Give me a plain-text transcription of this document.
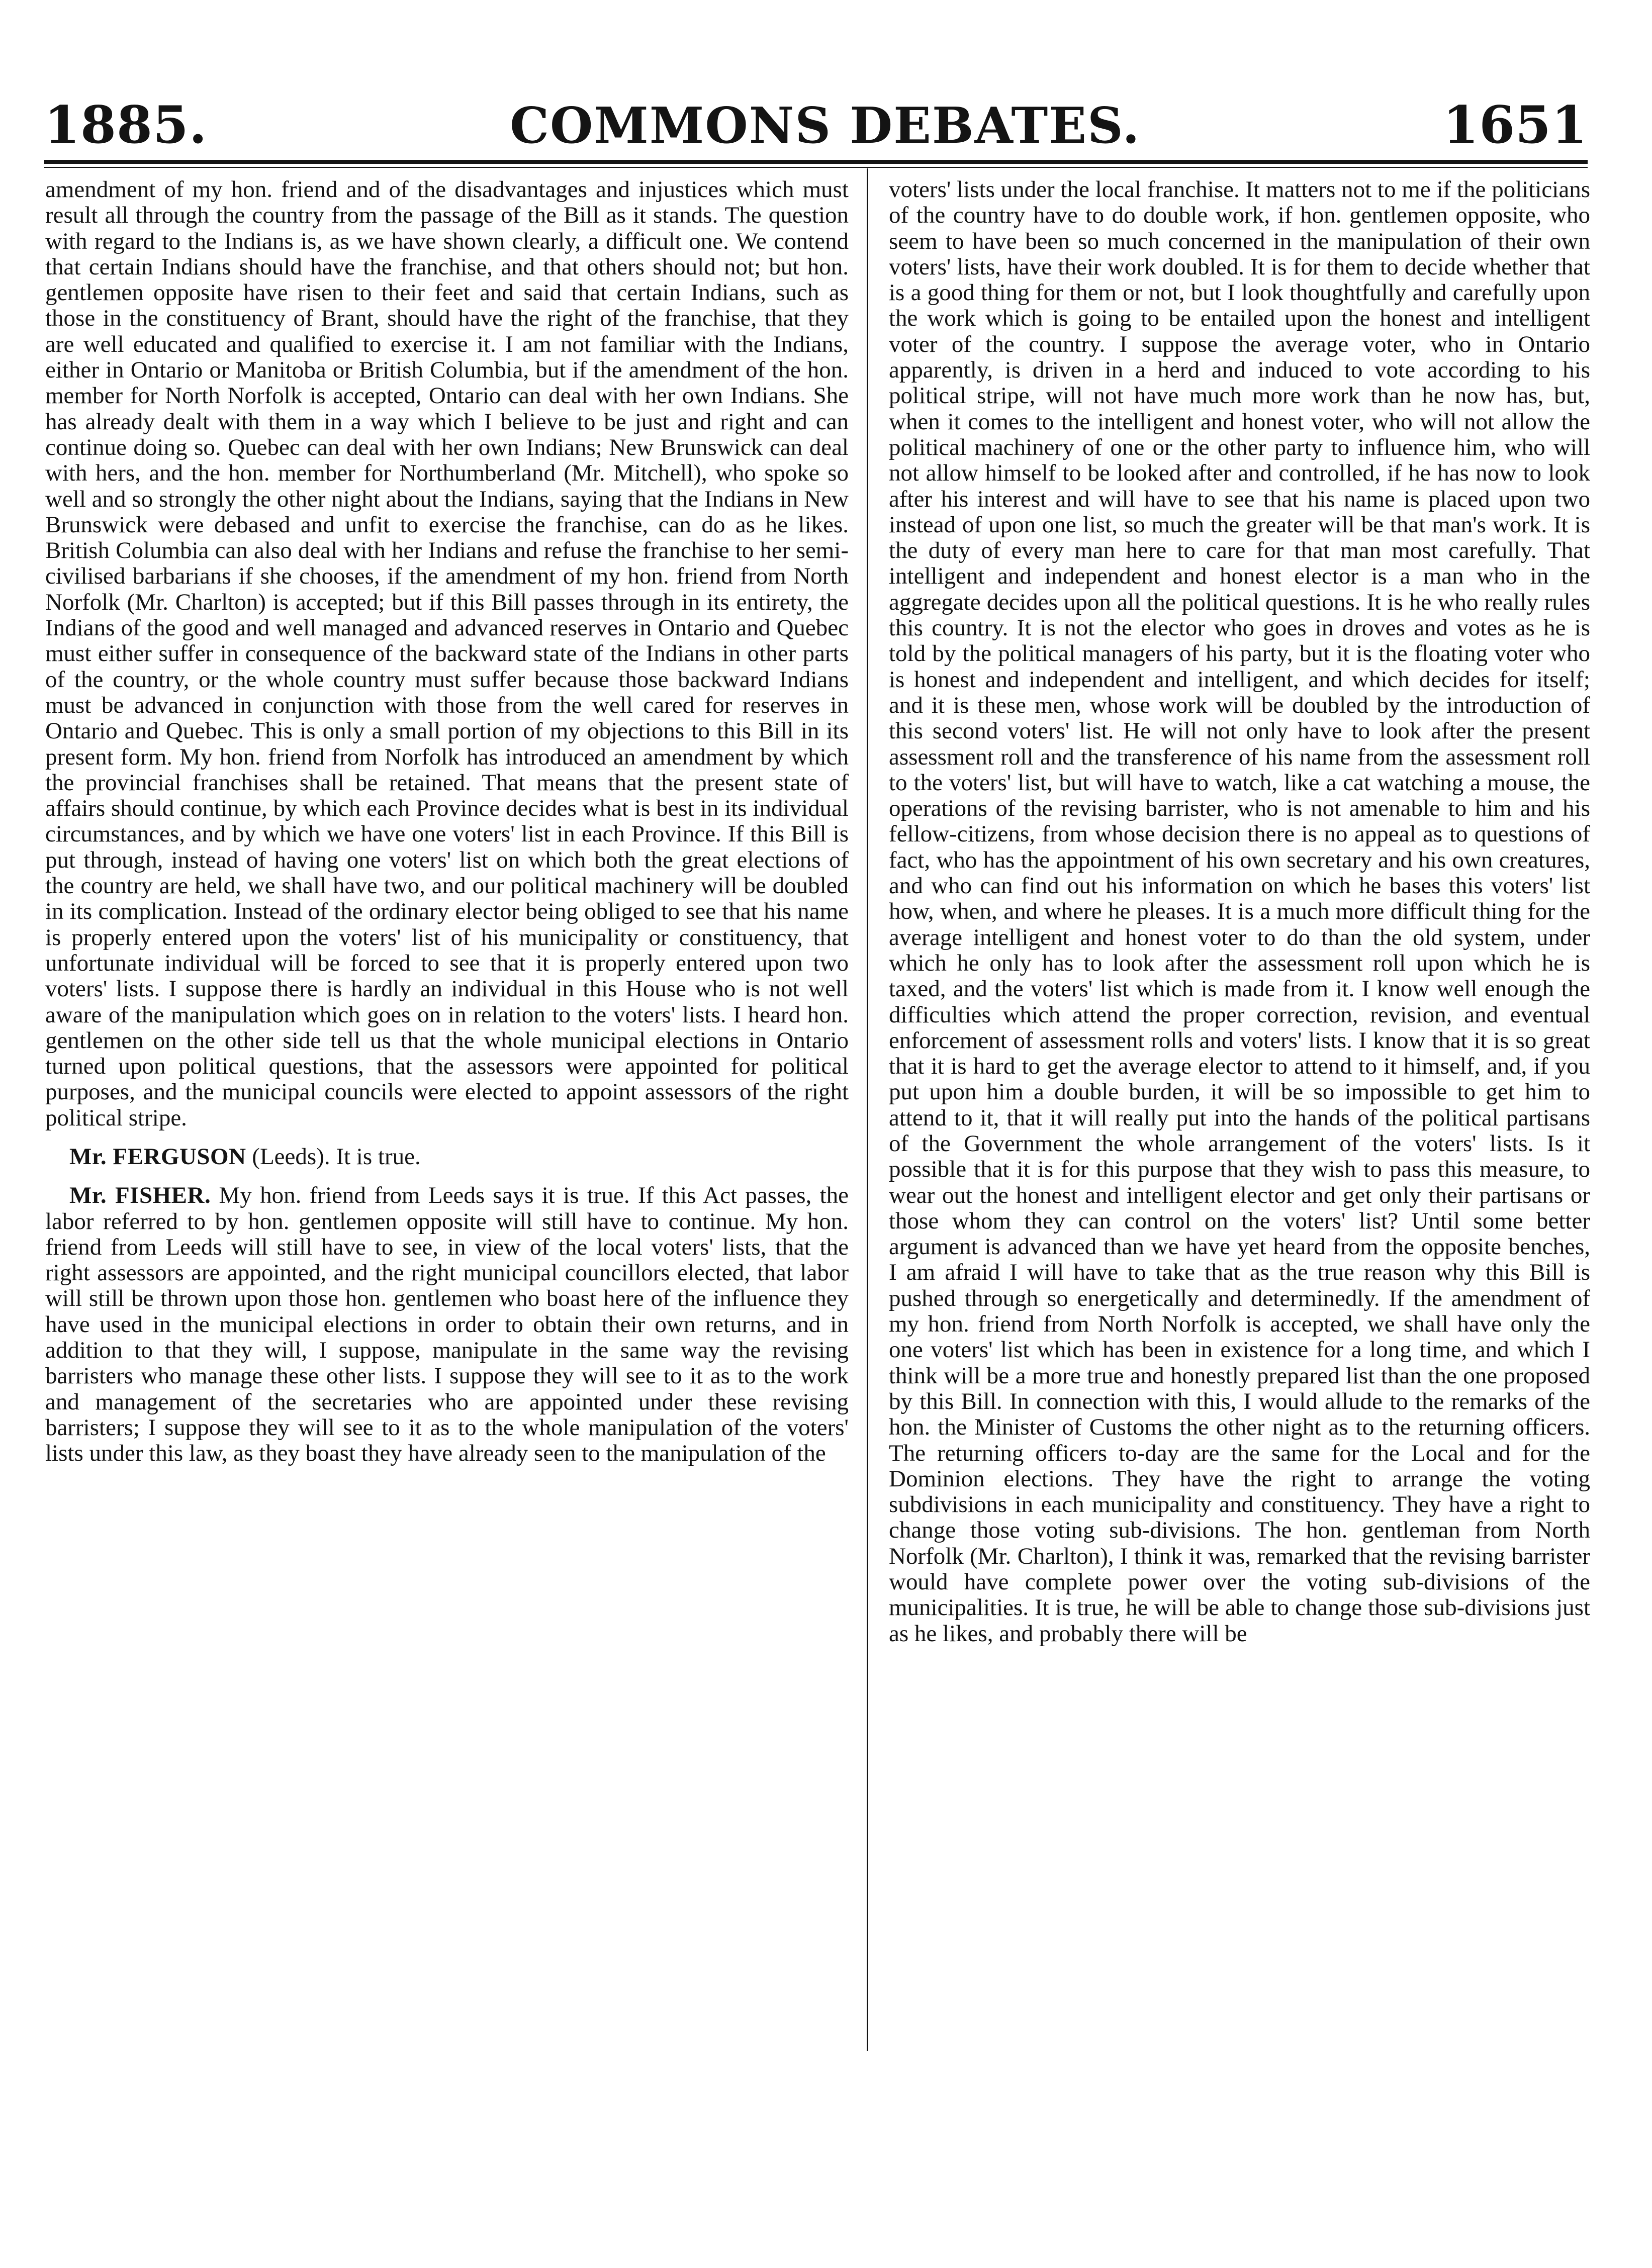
1885.	COMMONS DEBATES.	1651

amendment of my hon. friend and of the disadvantages and injustices which must result all through the country from the passage of the Bill as it stands. The question with regard to the Indians is, as we have shown clearly, a difficult one. We contend that certain Indians should have the franchise, and that others should not; but hon. gentlemen opposite have risen to their feet and said that certain Indians, such as those in the constituency of Brant, should have the right of the franchise, that they are well educated and qualified to exercise it. I am not familiar with the Indians, either in Ontario or Manitoba or British Columbia, but if the amendment of the hon. member for North Norfolk is accepted, Ontario can deal with her own Indians. She has already dealt with them in a way which I believe to be just and right and can continue doing so. Quebec can deal with her own Indians; New Brunswick can deal with hers, and the hon. member for Northumberland (Mr. Mitchell), who spoke so well and so strongly the other night about the Indians, saying that the Indians in New Brunswick were debased and unfit to exercise the franchise, can do as he likes. British Columbia can also deal with her Indians and refuse the franchise to her semi-civilised barbarians if she chooses, if the amendment of my hon. friend from North Norfolk (Mr. Charlton) is accepted; but if this Bill passes through in its entirety, the Indians of the good and well managed and advanced reserves in Ontario and Quebec must either suffer in consequence of the backward state of the Indians in other parts of the country, or the whole country must suffer because those backward Indians must be advanced in conjunction with those from the well cared for reserves in Ontario and Quebec. This is only a small portion of my objections to this Bill in its present form. My hon. friend from Norfolk has introduced an amendment by which the provincial franchises shall be retained. That means that the present state of affairs should continue, by which each Province decides what is best in its individual circumstances, and by which we have one voters' list in each Province. If this Bill is put through, instead of having one voters' list on which both the great elections of the country are held, we shall have two, and our political machinery will be doubled in its complication. Instead of the ordinary elector being obliged to see that his name is properly entered upon the voters' list of his municipality or constituency, that unfortunate individual will be forced to see that it is properly entered upon two voters' lists. I suppose there is hardly an individual in this House who is not well aware of the manipulation which goes on in relation to the voters' lists. I heard hon. gentlemen on the other side tell us that the whole municipal elections in Ontario turned upon political questions, that the assessors were appointed for political purposes, and the municipal councils were elected to appoint assessors of the right political stripe.

Mr. FERGUSON (Leeds). It is true.

Mr. FISHER. My hon. friend from Leeds says it is true. If this Act passes, the labor referred to by hon. gentlemen opposite will still have to continue. My hon. friend from Leeds will still have to see, in view of the local voters' lists, that the right assessors are appointed, and the right municipal councillors elected, that labor will still be thrown upon those hon. gentlemen who boast here of the influence they have used in the municipal elections in order to obtain their own returns, and in addition to that they will, I suppose, manipulate in the same way the revising barristers who manage these other lists. I suppose they will see to it as to the work and management of the secretaries who are appointed under these revising barristers; I suppose they will see to it as to the whole manipulation of the voters' lists under this law, as they boast they have already seen to the manipulation of the

voters' lists under the local franchise. It matters not to me if the politicians of the country have to do double work, if hon. gentlemen opposite, who seem to have been so much concerned in the manipulation of their own voters' lists, have their work doubled. It is for them to decide whether that is a good thing for them or not, but I look thoughtfully and carefully upon the work which is going to be entailed upon the honest and intelligent voter of the country. I suppose the average voter, who in Ontario apparently, is driven in a herd and induced to vote according to his political stripe, will not have much more work than he now has, but, when it comes to the intelligent and honest voter, who will not allow the political machinery of one or the other party to influence him, who will not allow himself to be looked after and controlled, if he has now to look after his interest and will have to see that his name is placed upon two instead of upon one list, so much the greater will be that man's work. It is the duty of every man here to care for that man most carefully. That intelligent and independent and honest elector is a man who in the aggregate decides upon all the political questions. It is he who really rules this country. It is not the elector who goes in droves and votes as he is told by the political managers of his party, but it is the floating voter who is honest and independent and intelligent, and which decides for itself; and it is these men, whose work will be doubled by the introduction of this second voters' list. He will not only have to look after the present assessment roll and the transference of his name from the assessment roll to the voters' list, but will have to watch, like a cat watching a mouse, the operations of the revising barrister, who is not amenable to him and his fellow-citizens, from whose decision there is no appeal as to questions of fact, who has the appointment of his own secretary and his own creatures, and who can find out his information on which he bases this voters' list how, when, and where he pleases. It is a much more difficult thing for the average intelligent and honest voter to do than the old system, under which he only has to look after the assessment roll upon which he is taxed, and the voters' list which is made from it. I know well enough the difficulties which attend the proper correction, revision, and eventual enforcement of assessment rolls and voters' lists. I know that it is so great that it is hard to get the average elector to attend to it himself, and, if you put upon him a double burden, it will be so impossible to get him to attend to it, that it will really put into the hands of the political partisans of the Government the whole arrangement of the voters' lists. Is it possible that it is for this purpose that they wish to pass this measure, to wear out the honest and intelligent elector and get only their partisans or those whom they can control on the voters' list? Until some better argument is advanced than we have yet heard from the opposite benches, I am afraid I will have to take that as the true reason why this Bill is pushed through so energetically and determinedly. If the amendment of my hon. friend from North Norfolk is accepted, we shall have only the one voters' list which has been in existence for a long time, and which I think will be a more true and honestly prepared list than the one proposed by this Bill. In connection with this, I would allude to the remarks of the hon. the Minister of Customs the other night as to the returning officers. The returning officers to-day are the same for the Local and for the Dominion elections. They have the right to arrange the voting subdivisions in each municipality and constituency. They have a right to change those voting sub-divisions. The hon. gentleman from North Norfolk (Mr. Charlton), I think it was, remarked that the revising barrister would have complete power over the voting sub-divisions of the municipalities. It is true, he will be able to change those sub-divisions just as he likes, and probably there will be
